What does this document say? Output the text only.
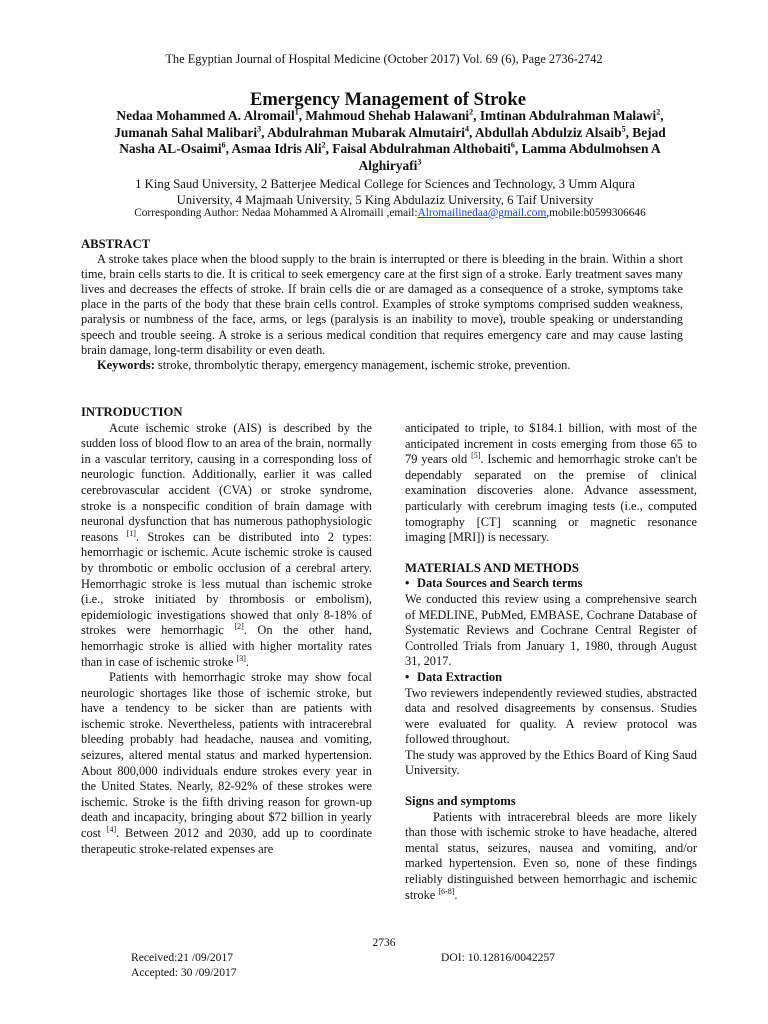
The Egyptian Journal of Hospital Medicine (October 2017) Vol. 69 (6), Page 2736-2742
Emergency Management of Stroke
Nedaa Mohammed A. Alromail$^1$, Mahmoud Shehab Halawani$^2$, Imtinan Abdulrahman Malawi$^2$, Jumanah Sahal Malibari$^3$, Abdulrahman Mubarak Almutairi$^4$, Abdullah Abdulziz Alsaib$^5$, Bejad Nasha AL-Osaimi$^6$, Asmaa Idris Ali$^2$, Faisal Abdulrahman Althobaiti$^6$, Lamma Abdulmohsen A Alghiryafi$^3$
1 King Saud University, 2 Batterjee Medical College for Sciences and Technology, 3 Umm Alqura
University, 4 Majmaah University, 5 King Abdulaziz University, 6 Taif University
Corresponding Author: Nedaa Mohammed A Alromaili ,email:Alromailinedaa@gmail.com,mobile:b0599306646
ABSTRACT

A stroke takes place when the blood supply to the brain is interrupted or there is bleeding in the brain. Within a short time, brain cells starts to die. It is critical to seek emergency care at the first sign of a stroke. Early treatment saves many lives and decreases the effects of stroke. If brain cells die or are damaged as a consequence of a stroke, symptoms take place in the parts of the body that these brain cells control. Examples of stroke symptoms comprised sudden weakness, paralysis or numbness of the face, arms, or legs (paralysis is an inability to move), trouble speaking or understanding speech and trouble seeing. A stroke is a serious medical condition that requires emergency care and may cause lasting brain damage, long-term disability or even death.

Keywords: stroke, thrombolytic therapy, emergency management, ischemic stroke, prevention.

INTRODUCTION

Acute ischemic stroke (AIS) is described by the sudden loss of blood flow to an area of the brain, normally in a vascular territory, causing in a corresponding loss of neurologic function. Additionally, earlier it was called cerebrovascular accident (CVA) or stroke syndrome, stroke is a nonspecific condition of brain damage with neuronal dysfunction that has numerous pathophysiologic reasons [1]. Strokes can be distributed into 2 types: hemorrhagic or ischemic. Acute ischemic stroke is caused by thrombotic or embolic occlusion of a cerebral artery. Hemorrhagic stroke is less mutual than ischemic stroke (i.e., stroke initiated by thrombosis or embolism), epidemiologic investigations showed that only 8-18% of strokes were hemorrhagic [2]. On the other hand, hemorrhagic stroke is allied with higher mortality rates than in case of ischemic stroke [3].

Patients with hemorrhagic stroke may show focal neurologic shortages like those of ischemic stroke, but have a tendency to be sicker than are patients with ischemic stroke. Nevertheless, patients with intracerebral bleeding probably had headache, nausea and vomiting, seizures, altered mental status and marked hypertension. About 800,000 individuals endure strokes every year in the United States. Nearly, 82-92% of these strokes were ischemic. Stroke is the fifth driving reason for grown-up death and incapacity, bringing about $72 billion in yearly cost [4]. Between 2012 and 2030, add up to coordinate therapeutic stroke-related expenses are

anticipated to triple, to $184.1 billion, with most of the anticipated increment in costs emerging from those 65 to 79 years old [5]. Ischemic and hemorrhagic stroke can't be dependably separated on the premise of clinical examination discoveries alone. Advance assessment, particularly with cerebrum imaging tests (i.e., computed tomography [CT] scanning or magnetic resonance imaging [MRI]) is necessary.

MATERIALS AND METHODS

• Data Sources and Search terms

We conducted this review using a comprehensive search of MEDLINE, PubMed, EMBASE, Cochrane Database of Systematic Reviews and Cochrane Central Register of Controlled Trials from January 1, 1980, through August 31, 2017.

• Data Extraction

Two reviewers independently reviewed studies, abstracted data and resolved disagreements by consensus. Studies were evaluated for quality. A review protocol was followed throughout.

The study was approved by the Ethics Board of King Saud University.

Signs and symptoms

Patients with intracerebral bleeds are more likely than those with ischemic stroke to have headache, altered mental status, seizures, nausea and vomiting, and/or marked hypertension. Even so, none of these findings reliably distinguished between hemorrhagic and ischemic stroke [6-8].

2736
Received:21 /09/2017
Accepted: 30 /09/2017
DOI: 10.12816/0042257
